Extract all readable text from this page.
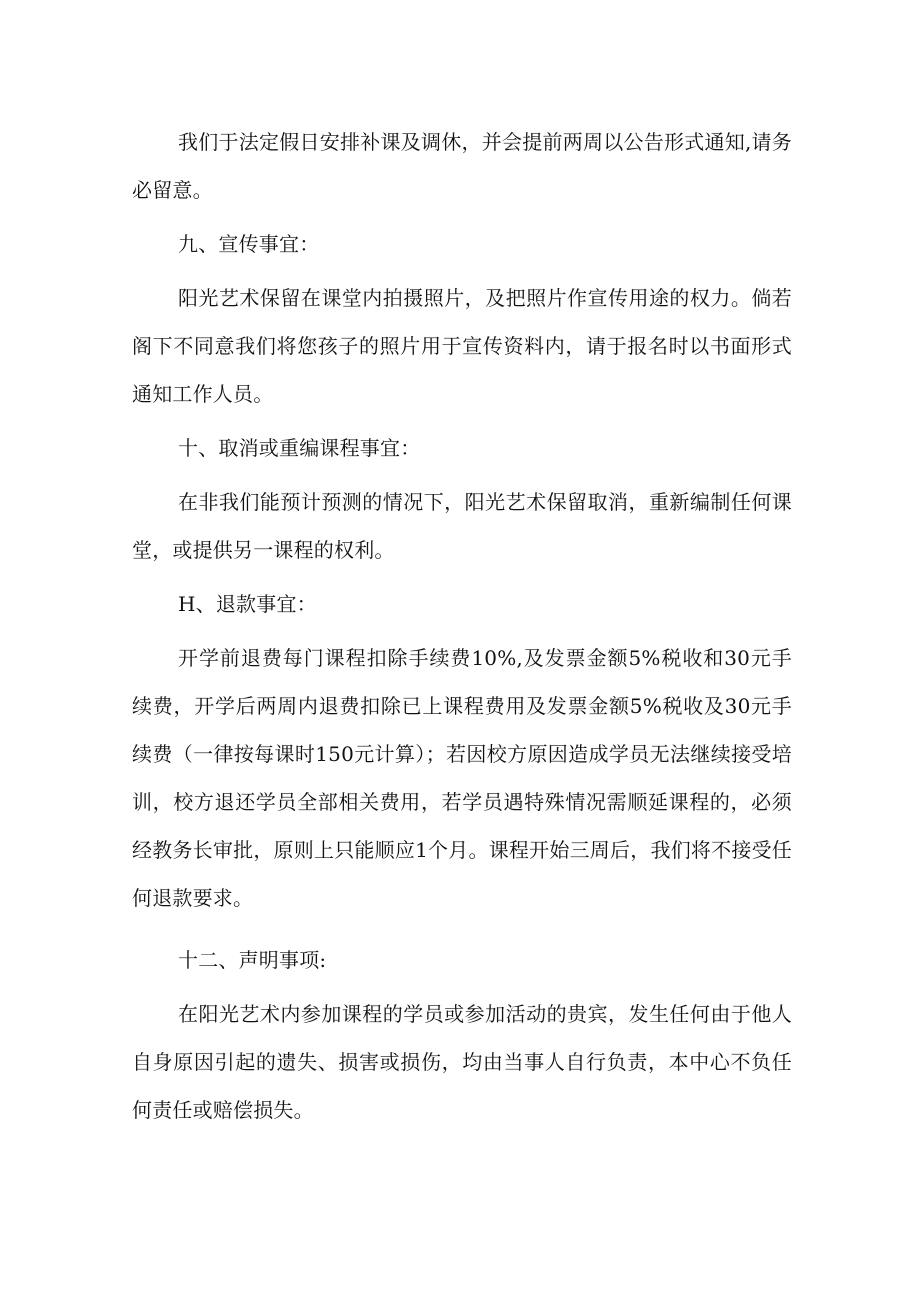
我们于法定假日安排补课及调休，并会提前两周以公告形式通知,请务必留意。

九、宣传事宜：

阳光艺术保留在课堂内拍摄照片，及把照片作宣传用途的权力。倘若阁下不同意我们将您孩子的照片用于宣传资料内，请于报名时以书面形式通知工作人员。

十、取消或重编课程事宜：

在非我们能预计预测的情况下，阳光艺术保留取消，重新编制任何课堂，或提供另一课程的权利。

H、退款事宜：

开学前退费每门课程扣除手续费10%,及发票金额5%税收和30元手续费，开学后两周内退费扣除已上课程费用及发票金额5%税收及30元手续费（一律按每课时150元计算）；若因校方原因造成学员无法继续接受培训，校方退还学员全部相关费用，若学员遇特殊情况需顺延课程的，必须经教务长审批，原则上只能顺应1个月。课程开始三周后，我们将不接受任何退款要求。

十二、声明事项:

在阳光艺术内参加课程的学员或参加活动的贵宾，发生任何由于他人自身原因引起的遗失、损害或损伤，均由当事人自行负责，本中心不负任何责任或赔偿损失。
